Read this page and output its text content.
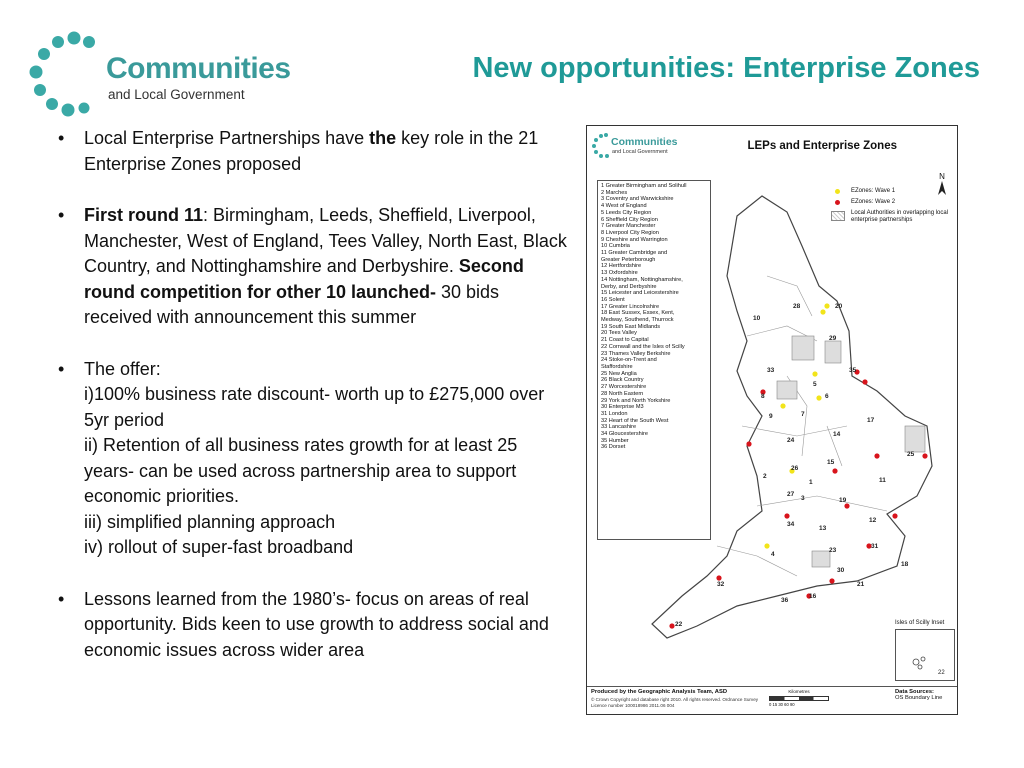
Communities
and Local Government
New opportunities: Enterprise Zones
• Local Enterprise Partnerships have the key role in the 21 Enterprise Zones proposed
• First round 11: Birmingham, Leeds, Sheffield, Liverpool, Manchester, West of England, Tees Valley, North East, Black Country, and Nottinghamshire and Derbyshire. Second round competition for other 10 launched- 30 bids received with announcement this summer
• The offer:
i)100% business rate discount- worth up to £275,000 over 5yr period
ii) Retention of all business rates growth for at least 25 years- can be used across partnership area to support economic priorities.
iii) simplified planning approach
iv) rollout of super-fast broadband
• Lessons learned from the 1980’s- focus on areas of real opportunity. Bids keen to use growth to address social and economic issues across wider area
28	20
10
29
33	35
5
8	6
24
17
9	7
26
15
1
2
11
27
19
3
12
34
13
4
23
31
30
18
36
16
22
14
25
21
32
Communities
and Local Government	LEPs and Enterprise Zones
1 Greater Birmingham and Solihull
2 Marches
3 Coventry and Warwickshire
4 West of England
5 Leeds City Region
6 Sheffield City Region
7 Greater Manchester
8 Liverpool City Region
9 Cheshire and Warrington
10 Cumbria
11 Greater Cambridge and
Greater Peterborough
12 Hertfordshire
13 Oxfordshire
14 Nottingham, Nottinghamshire,
Derby, and Derbyshire
15 Leicester and Leicestershire
16 Solent
17 Greater Lincolnshire
18 East Sussex, Essex, Kent,
Medway, Southend, Thurrock
19 South East Midlands
20 Tees Valley
21 Coast to Capital
22 Cornwall and the Isles of Scilly
23 Thames Valley Berkshire
24 Stoke-on-Trent and
Staffordshire
25 New Anglia
26 Black Country
27 Worcestershire
28 North Eastern
29 York and North Yorkshire
30 Enterprise M3
31 London
32 Heart of the South West
33 Lancashire
34 Gloucestershire
35 Humber
36 Dorset
EZones: Wave 1
EZones: Wave 2
Local Authorities in overlapping local enterprise partnerships
N
Isles of Scilly Inset
22
Produced by the Geographic Analysis Team, ASD
© Crown Copyright and database right 2010. All rights reserved. Ordnance Survey Licence number 100018986 2011.06 004
Kilometres
0 15 30 60 90
Data Sources:
OS Boundary Line
